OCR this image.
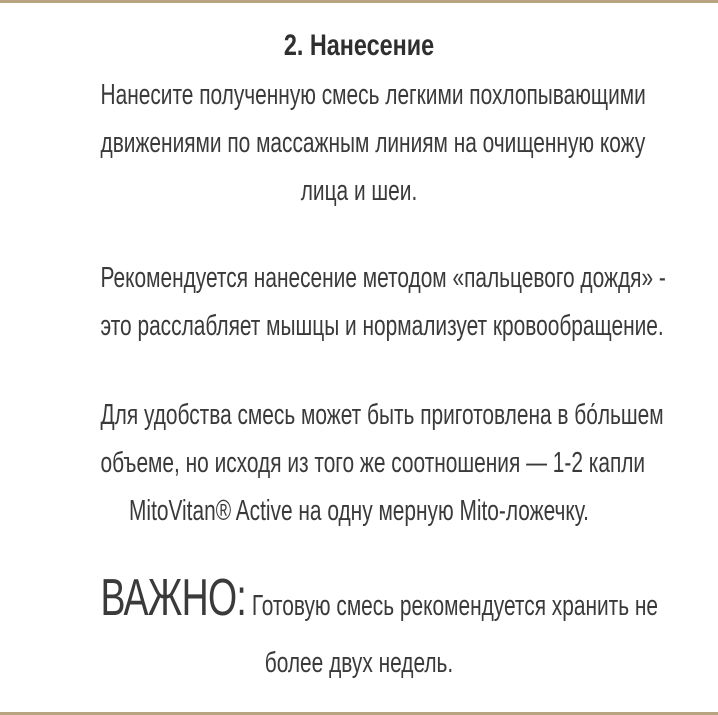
2. Нанесение
Нанесите полученную смесь легкими похлопывающими
движениями по массажным линиям на очищенную кожу
лица и шеи.
Рекомендуется нанесение методом «пальцевого дождя» -
это расслабляет мышцы и нормализует кровообращение.
Для удобства смесь может быть приготовлена в бо́льшем
объеме, но исходя из того же соотношения — 1-2 капли
MitoVitan® Active на одну мерную Mito-ложечку.
ВАЖНО: Готовую смесь рекомендуется хранить не
более двух недель.
